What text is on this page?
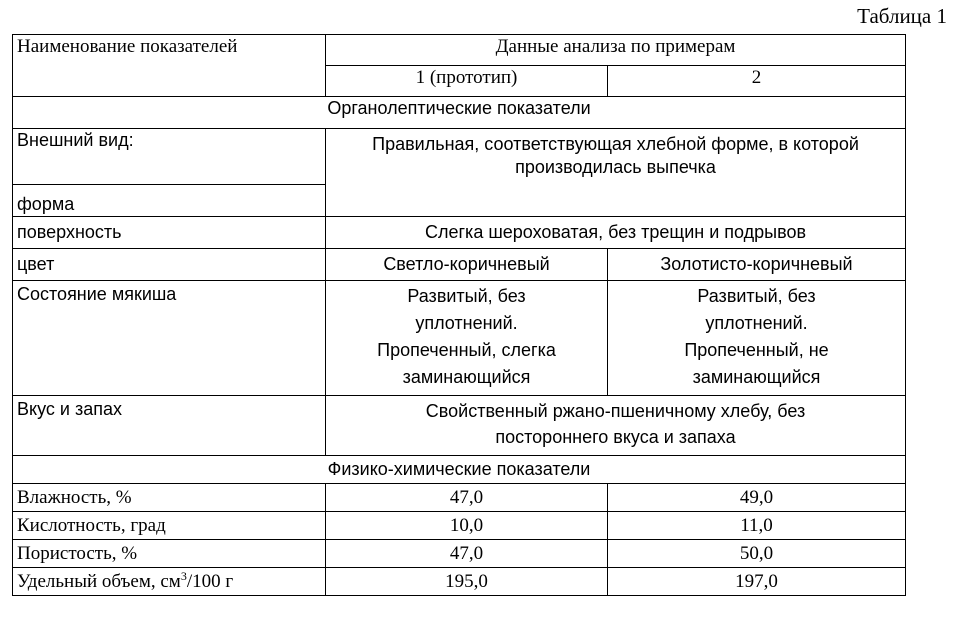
Таблица 1
Наименование показателей	Данные анализа по примерам	
	1 (прототип)	2
Органолептические показатели		
Внешний вид:	Правильная, соответствующая хлебной форме, в которой производилась выпечка	
форма		
поверхность	Слегка шероховатая, без трещин и подрывов	
цвет	Светло-коричневый	Золотисто-коричневый
Состояние мякиша	Развитый, без уплотнений. Пропеченный, слегка заминающийся	Развитый, без уплотнений. Пропеченный, не заминающийся
Вкус и запах	Свойственный ржано-пшеничному хлебу, без постороннего вкуса и запаха	
Физико-химические показатели		
Влажность, %	47,0	49,0
Кислотность, град	10,0	11,0
Пористость, %	47,0	50,0
Удельный объем, $см^3/100$ г	195,0	197,0
